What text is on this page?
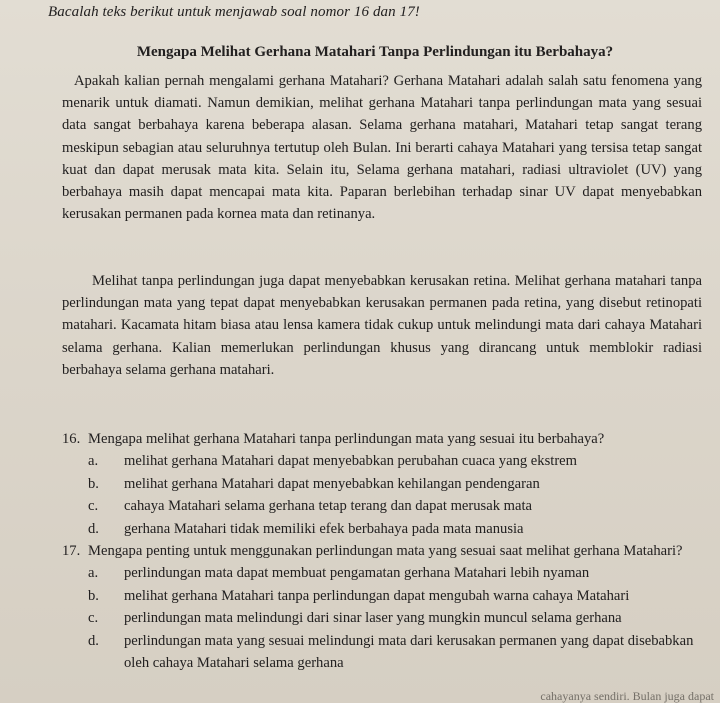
Bacalah teks berikut untuk menjawab soal nomor 16 dan 17!
Mengapa Melihat Gerhana Matahari Tanpa Perlindungan itu Berbahaya?

Apakah kalian pernah mengalami gerhana Matahari? Gerhana Matahari adalah salah satu fenomena yang menarik untuk diamati. Namun demikian, melihat gerhana Matahari tanpa perlindungan mata yang sesuai data sangat berbahaya karena beberapa alasan. Selama gerhana matahari, Matahari tetap sangat terang meskipun sebagian atau seluruhnya tertutup oleh Bulan. Ini berarti cahaya Matahari yang tersisa tetap sangat kuat dan dapat merusak mata kita. Selain itu, Selama gerhana matahari, radiasi ultraviolet (UV) yang berbahaya masih dapat mencapai mata kita. Paparan berlebihan terhadap sinar UV dapat menyebabkan kerusakan permanen pada kornea mata dan retinanya.

Melihat tanpa perlindungan juga dapat menyebabkan kerusakan retina. Melihat gerhana matahari tanpa perlindungan mata yang tepat dapat menyebabkan kerusakan permanen pada retina, yang disebut retinopati matahari. Kacamata hitam biasa atau lensa kamera tidak cukup untuk melindungi mata dari cahaya Matahari selama gerhana. Kalian memerlukan perlindungan khusus yang dirancang untuk memblokir radiasi berbahaya selama gerhana matahari.

16. Mengapa melihat gerhana Matahari tanpa perlindungan mata yang sesuai itu berbahaya?
a.	melihat gerhana Matahari dapat menyebabkan perubahan cuaca yang ekstrem
b.	melihat gerhana Matahari dapat menyebabkan kehilangan pendengaran
c.	cahaya Matahari selama gerhana tetap terang dan dapat merusak mata
d.	gerhana Matahari tidak memiliki efek berbahaya pada mata manusia
17. Mengapa penting untuk menggunakan perlindungan mata yang sesuai saat melihat gerhana Matahari?
a.	perlindungan mata dapat membuat pengamatan gerhana Matahari lebih nyaman
b.	melihat gerhana Matahari tanpa perlindungan dapat mengubah warna cahaya Matahari
c.	perlindungan mata melindungi dari sinar laser yang mungkin muncul selama gerhana
d.	perlindungan mata yang sesuai melindungi mata dari kerusakan permanen yang dapat disebabkan oleh cahaya Matahari selama gerhana
cahayanya sendiri. Bulan juga dapat
